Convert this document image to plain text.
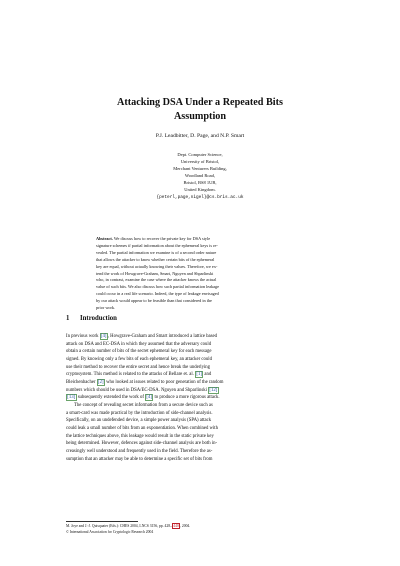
Attacking DSA Under a Repeated Bits
Assumption
P.J. Leadbitter, D. Page, and N.P. Smart
Dept. Computer Science,
University of Bristol,
Merchant Venturers Building,
Woodland Road,
Bristol, BS8 1UB,
United Kingdom.
{peterl,page,nigel}@cs.bris.ac.uk
Abstract. We discuss how to recover the private key for DSA style
signature schemes if partial information about the ephemeral keys is re-
vealed. The partial information we examine is of a second order nature
that allows the attacker to know whether certain bits of the ephemeral
key are equal, without actually knowing their values. Therefore, we ex-
tend the work of Howgrave-Graham, Smart, Nguyen and Shparlinski
who, in contrast, examine the case where the attacker knows the actual
value of such bits. We also discuss how such partial information leakage
could occur in a real life scenario. Indeed, the type of leakage envisaged
by our attack would appear to be feasible than that considered in the
prior work.
1 Introduction
In previous work [4], Howgrave-Graham and Smart introduced a lattice based
attack on DSA and EC-DSA in which they assumed that the adversary could
obtain a certain number of bits of the secret ephemeral key for each message
signed. By knowing only a few bits of each ephemeral key, an attacker could
use their method to recover the entire secret and hence break the underlying
cryptosystem. This method is related to the attacks of Bellare et. al. [1] and
Bleichenbacher [2] who looked at issues related to poor generation of the random
numbers which should be used in DSA/EC-DSA. Nguyen and Shparlinski [12]
[13] subsequently extended the work of [4] to produce a more rigorous attack.
The concept of revealing secret information from a secure device such as
a smart-card was made practical by the introduction of side-channel analysis.
Specifically, on an undefended device, a simple power analysis (SPA) attack
could leak a small number of bits from an exponentiation. When combined with
the lattice techniques above, this leakage would result in the static private key
being determined. However, defences against side-channel analysis are both in-
creasingly well understood and frequently used in the field. Therefore the as-
sumption that an attacker may be able to determine a specific set of bits from
M. Joye and J.-J. Quisquater (Eds.): CHES 2004, LNCS 3156, pp. 428–440, 2004.
© International Association for Cryptologic Research 2004
